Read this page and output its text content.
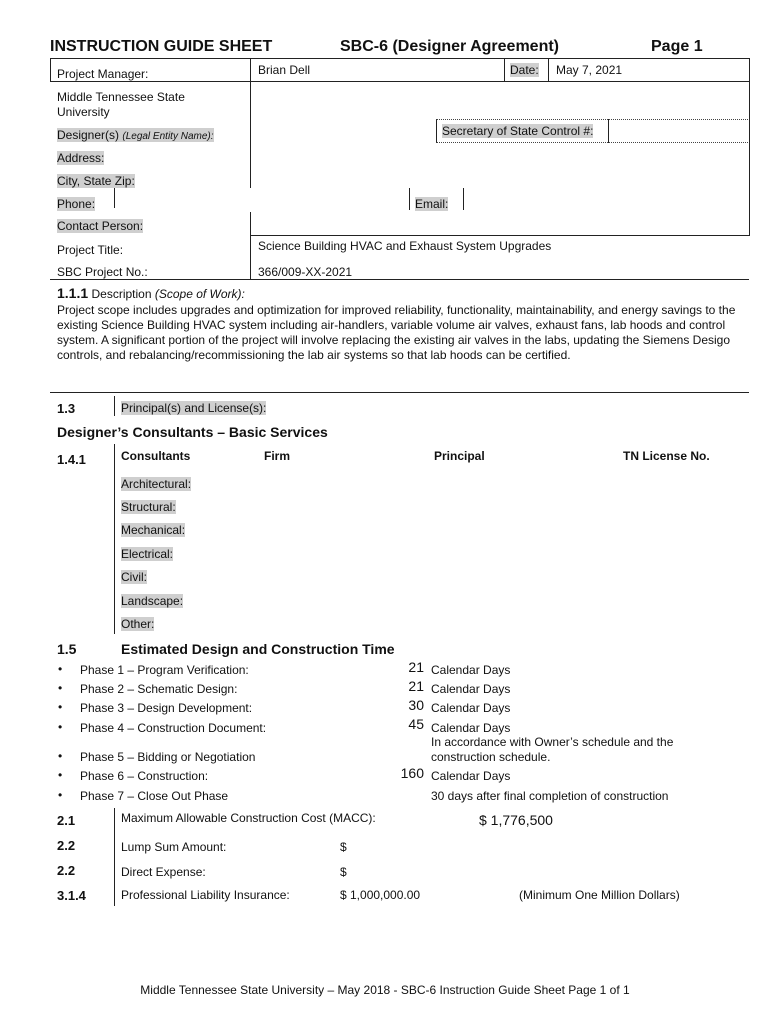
INSTRUCTION GUIDE SHEET	SBC-6 (Designer Agreement)	Page 1
Project Manager:	Brian Dell	Date: May 7, 2021
Middle Tennessee State University
Designer(s) (Legal Entity Name):	Secretary of State Control #:
Address:
City, State Zip:
Phone:	Email:
Contact Person:
Project Title:	Science Building HVAC and Exhaust System Upgrades
SBC Project No.:	366/009-XX-2021
1.1.1 Description (Scope of Work):
Project scope includes upgrades and optimization for improved reliability, functionality, maintainability, and energy savings to the existing Science Building HVAC system including air-handlers, variable volume air valves, exhaust fans, lab hoods and control system. A significant portion of the project will involve replacing the existing air valves in the labs, updating the Siemens Desigo controls, and rebalancing/recommissioning the lab air systems so that lab hoods can be certified.
1.3	Principal(s) and License(s):
Designer’s Consultants – Basic Services
1.4.1	Consultants	Firm	Principal	TN License No.
Architectural:
Structural:
Mechanical:
Electrical:
Civil:
Landscape:
Other:
1.5	Estimated Design and Construction Time
• Phase 1 – Program Verification:	21 Calendar Days
• Phase 2 – Schematic Design:	21 Calendar Days
• Phase 3 – Design Development:	30 Calendar Days
• Phase 4 – Construction Document:	45 Calendar Days
• Phase 5 – Bidding or Negotiation
In accordance with Owner’s schedule and the construction schedule.
• Phase 6 – Construction:	160 Calendar Days
• Phase 7 – Close Out Phase	30 days after final completion of construction
2.1	Maximum Allowable Construction Cost (MACC):	$ 1,776,500
2.2	Lump Sum Amount:	$
2.2	Direct Expense:	$
3.1.4	Professional Liability Insurance:	$ 1,000,000.00	(Minimum One Million Dollars)
Middle Tennessee State University – May 2018 - SBC-6 Instruction Guide Sheet Page 1 of 1
